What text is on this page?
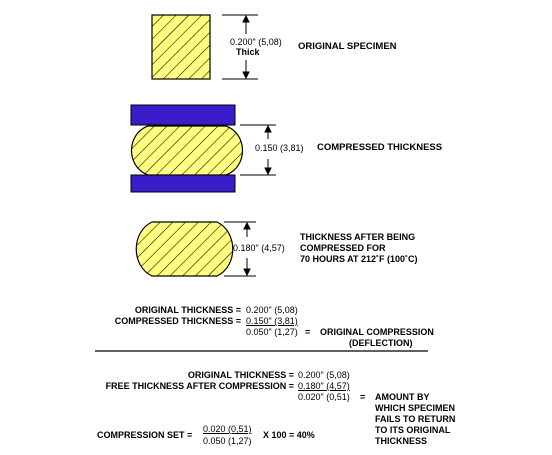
0.200" (5,08)
Thick	ORIGINAL SPECIMEN
0.150 (3,81) COMPRESSED THICKNESS
0.180" (4,57)
THICKNESS AFTER BEING
COMPRESSED FOR
70 HOURS AT 212˚F (100˚C)
ORIGINAL THICKNESS = 0.200" (5,08)
COMPRESSED THICKNESS = 0.150" (3,81)
0.050" (1,27) = ORIGINAL COMPRESSION
(DEFLECTION)
ORIGINAL THICKNESS = 0.200" (5,08)
FREE THICKNESS AFTER COMPRESSION = 0.180" (4,57)
0.020" (0,51) = AMOUNT BY
WHICH SPECIMEN
FAILS TO RETURN
TO ITS ORIGINAL
THICKNESS
COMPRESSION SET =
0.020 (0,51)
0.050 (1,27)
X 100 = 40%
